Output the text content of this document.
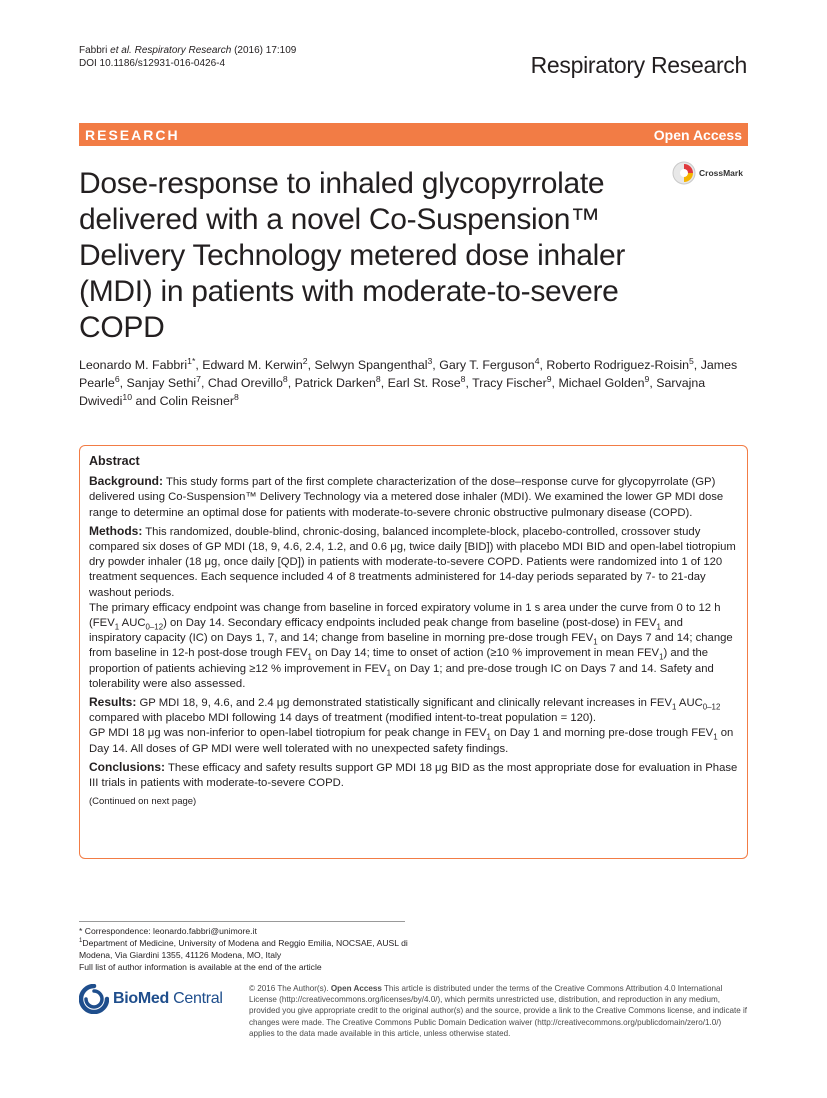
Fabbri et al. Respiratory Research (2016) 17:109
DOI 10.1186/s12931-016-0426-4	Respiratory Research
RESEARCH	Open Access
Dose-response to inhaled glycopyrrolate delivered with a novel Co-Suspension™ Delivery Technology metered dose inhaler (MDI) in patients with moderate-to-severe COPD
CrossMark
Leonardo M. Fabbri$^{1*}$, Edward M. Kerwin$^2$, Selwyn Spangenthal$^3$, Gary T. Ferguson$^4$, Roberto Rodriguez-Roisin$^5$, James Pearle$^6$, Sanjay Sethi$^7$, Chad Orevillo$^8$, Patrick Darken$^8$, Earl St. Rose$^8$, Tracy Fischer$^9$, Michael Golden$^9$, Sarvajna Dwivedi$^{10}$ and Colin Reisner$^8$
Abstract

Background: This study forms part of the first complete characterization of the dose–response curve for glycopyrrolate (GP) delivered using Co-Suspension™ Delivery Technology via a metered dose inhaler (MDI). We examined the lower GP MDI dose range to determine an optimal dose for patients with moderate-to-severe chronic obstructive pulmonary disease (COPD).

Methods: This randomized, double-blind, chronic-dosing, balanced incomplete-block, placebo-controlled, crossover study compared six doses of GP MDI (18, 9, 4.6, 2.4, 1.2, and 0.6 μg, twice daily [BID]) with placebo MDI BID and open-label tiotropium dry powder inhaler (18 μg, once daily [QD]) in patients with moderate-to-severe COPD. Patients were randomized into 1 of 120 treatment sequences. Each sequence included 4 of 8 treatments administered for 14-day periods separated by 7- to 21-day washout periods.
The primary efficacy endpoint was change from baseline in forced expiratory volume in 1 s area under the curve from 0 to 12 h ($FEV_1$ $AUC_{0-12}$) on Day 14. Secondary efficacy endpoints included peak change from baseline (post-dose) in $FEV_1$ and inspiratory capacity (IC) on Days 1, 7, and 14; change from baseline in morning pre-dose trough $FEV_1$ on Days 7 and 14; change from baseline in 12-h post-dose trough $FEV_1$ on Day 14; time to onset of action (≥10 % improvement in mean $FEV_1$) and the proportion of patients achieving ≥12 % improvement in $FEV_1$ on Day 1; and pre-dose trough IC on Days 7 and 14. Safety and tolerability were also assessed.

Results: GP MDI 18, 9, 4.6, and 2.4 μg demonstrated statistically significant and clinically relevant increases in $FEV_1$ $AUC_{0-12}$ compared with placebo MDI following 14 days of treatment (modified intent-to-treat population = 120).
GP MDI 18 μg was non-inferior to open-label tiotropium for peak change in $FEV_1$ on Day 1 and morning pre-dose trough $FEV_1$ on Day 14. All doses of GP MDI were well tolerated with no unexpected safety findings.

Conclusions: These efficacy and safety results support GP MDI 18 μg BID as the most appropriate dose for evaluation in Phase III trials in patients with moderate-to-severe COPD.

(Continued on next page)
* Correspondence: leonardo.fabbri@unimore.it
$^1$Department of Medicine, University of Modena and Reggio Emilia, NOCSAE, AUSL di Modena, Via Giardini 1355, 41126 Modena, MO, Italy
Full list of author information is available at the end of the article
BioMed Central
© 2016 The Author(s). Open Access This article is distributed under the terms of the Creative Commons Attribution 4.0 International License (http://creativecommons.org/licenses/by/4.0/), which permits unrestricted use, distribution, and reproduction in any medium, provided you give appropriate credit to the original author(s) and the source, provide a link to the Creative Commons license, and indicate if changes were made. The Creative Commons Public Domain Dedication waiver (http://creativecommons.org/publicdomain/zero/1.0/) applies to the data made available in this article, unless otherwise stated.
